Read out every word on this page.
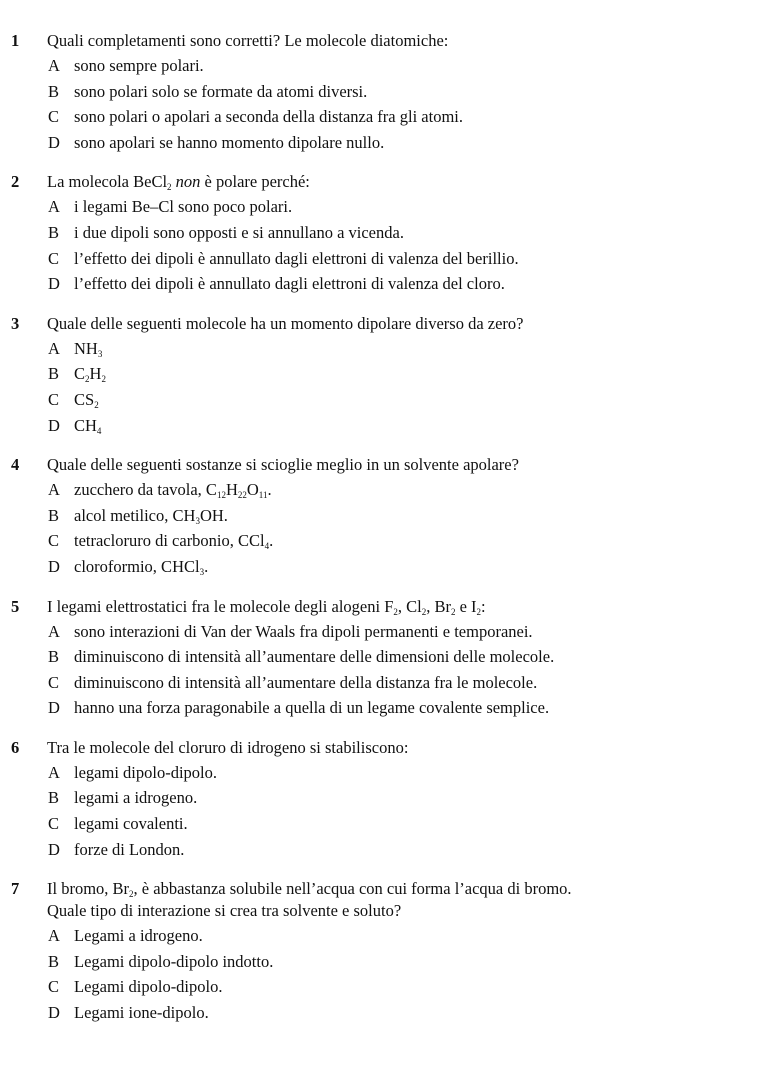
1 Quali completamenti sono corretti? Le molecole diatomiche:
A sono sempre polari.
B sono polari solo se formate da atomi diversi.
C sono polari o apolari a seconda della distanza fra gli atomi.
D sono apolari se hanno momento dipolare nullo.
2 La molecola BeCl$_2$ non è polare perché:
A i legami Be–Cl sono poco polari.
B i due dipoli sono opposti e si annullano a vicenda.
C l’effetto dei dipoli è annullato dagli elettroni di valenza del berillio.
D l’effetto dei dipoli è annullato dagli elettroni di valenza del cloro.
3 Quale delle seguenti molecole ha un momento dipolare diverso da zero?
A $NH_3$
B $C_2H_2$
C $CS_2$
D $CH_4$
4 Quale delle seguenti sostanze si scioglie meglio in un solvente apolare?
A zucchero da tavola, $C_{12}H_{22}O_{11}$.
B alcol metilico, $CH_3OH$.
C tetracloruro di carbonio, CCl$_4$.
D cloroformio, CHCl$_3$.
5 I legami elettrostatici fra le molecole degli alogeni $F_2$, $Cl_2$, $Br_2$ e $I_2$:
A sono interazioni di Van der Waals fra dipoli permanenti e temporanei.
B diminuiscono di intensità all’aumentare delle dimensioni delle molecole.
C diminuiscono di intensità all’aumentare della distanza fra le molecole.
D hanno una forza paragonabile a quella di un legame covalente semplice.
6 Tra le molecole del cloruro di idrogeno si stabiliscono:
A legami dipolo-dipolo.
B legami a idrogeno.
C legami covalenti.
D forze di London.
7 Il bromo, $Br_2$, è abbastanza solubile nell’acqua con cui forma l’acqua di bromo.
Quale tipo di interazione si crea tra solvente e soluto?
A Legami a idrogeno.
B Legami dipolo-dipolo indotto.
C Legami dipolo-dipolo.
D Legami ione-dipolo.
